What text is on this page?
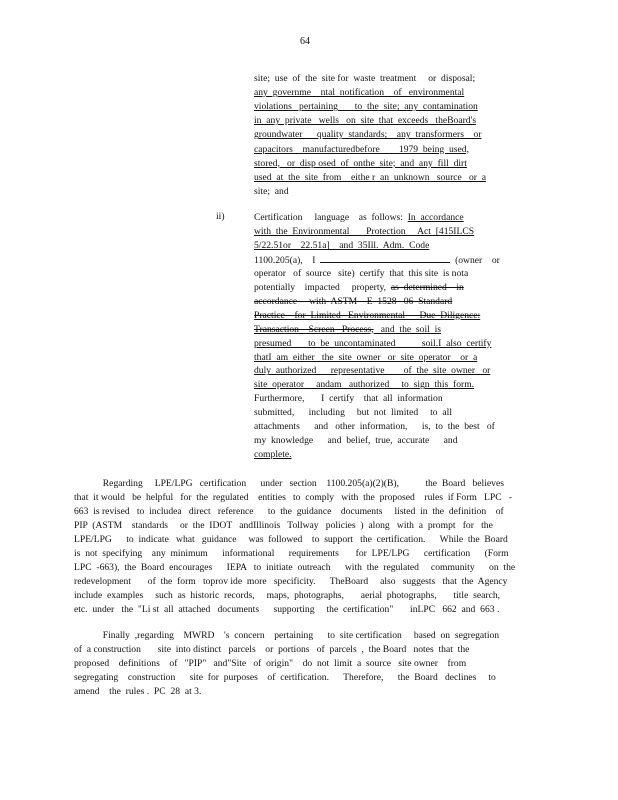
64
site;  use  of  the  site for  waste  treatment     or  disposal;
any  governme    ntal  notification    of   environmental
violations   pertaining       to  the  site;  any  contamination
in  any  private   wells   on  site  that  exceeds   theBoard's
groundwater      quality  standards;    any  transformers    or
capacitors    manufacturedbefore        1979  being  used,
stored,   or  disp osed  of  onthe  site;  and  any  fill  dirt
used  at  the  site  from    eithe r  an  unknown   source   or  a
site;  and
ii)	Certification     language    as  follows:  In  accordance
with  the  Environmental       Protection     Act  [415ILCS
5/22.51or    22.51a]    and  35Ill.  Adm.  Code
1100.205(a),    I	(owner    or
operator   of  source   site)  certify  that  this site  is nota
potentially    impacted     property,  as  determined    in
accordance     with  ASTM    E  1528   06  Standard
Practice    for  Limited   Environmental      Due  Diligence:
Transaction    Screen   Process,   and  the  soil  is
presumed       to  be  uncontaminated           soil.I  also  certify
thatI  am  either   the  site  owner   or  site  operator    or  a
duly  authorized      representative        of  the  site  owner   or
site  operator     andam   authorized     to  sign  this  form.
Furthermore,       I  certify    that  all  information
submitted,      including     but  not  limited     to  all
attachments      and   other  information,      is,  to  the  best   of
my  knowledge      and  belief,  true,  accurate      and
complete.
Regarding     LPE/LPG   certification      under   section    1100.205(a)(2)(B),           the  Board   believes
that  it would   be  helpful   for  the  regulated    entities   to  comply   with  the  proposed    rules  if Form   LPC   -
663  is revised   to  includea   direct   reference      to  the  guidance    documents     listed  in  the  definition    of
PIP  (ASTM    standards     or  the  IDOT   andIllinois   Tollway   policies  )  along   with  a  prompt   for   the
LPE/LPG      to  indicate   what   guidance     was  followed    to  support   the  certification.      While  the  Board
is  not  specifying    any  minimum      informational      requirements       for  LPE/LPG      certification      (Form
LPC  -663),  the  Board  encourages      IEPA   to  initiate  outreach      with  the  regulated     community      on  the
redevelopment       of  the  form   toprov ide  more   specificity.      TheBoard     also   suggests   that  the  Agency
include  examples     such  as  historic  records,     maps,  photographs,       aerial  photographs,       title  search,
etc.  under   the  "Li st  all  attached   documents      supporting     the  certification"       inLPC   662  and  663 .
Finally  ,regarding    MWRD    's  concern    pertaining      to  site certification     based  on  segregation
of  a construction       site  into distinct   parcels    or  portions   of  parcels  ,  the Board   notes  that  the
proposed    definitions    of   "PIP"   and"Site   of  origin"    do  not  limit  a  source   site owner    from
segregating    construction      site  for  purposes    of  certification.      Therefore,      the  Board   declines     to
amend    the  rules .  PC  28  at 3.
